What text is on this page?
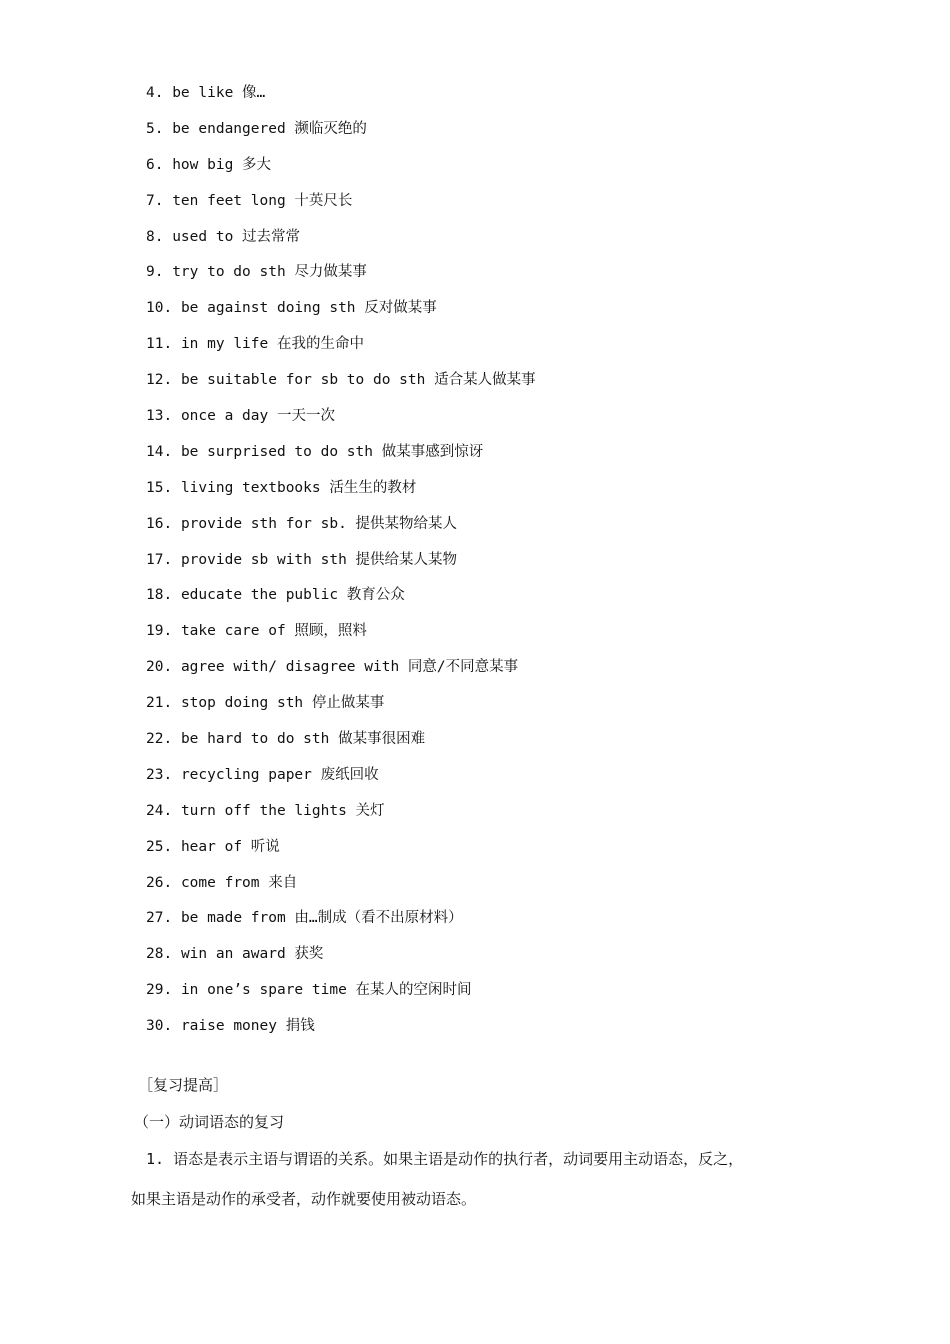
4. be like 像…
5. be endangered 濒临灭绝的
6. how big 多大
7. ten feet long 十英尺长
8. used to 过去常常
9. try to do sth 尽力做某事
10. be against doing sth 反对做某事
11. in my life 在我的生命中
12. be suitable for sb to do sth 适合某人做某事
13. once a day 一天一次
14. be surprised to do sth 做某事感到惊讶
15. living textbooks 活生生的教材
16. provide sth for sb. 提供某物给某人
17. provide sb with sth 提供给某人某物
18. educate the public 教育公众
19. take care of 照顾，照料
20. agree with/ disagree with 同意/不同意某事
21. stop doing sth 停止做某事
22. be hard to do sth 做某事很困难
23. recycling paper 废纸回收
24. turn off the lights 关灯
25. hear of 听说
26. come from 来自
27. be made from 由…制成（看不出原材料）
28. win an award 获奖
29. in one’s spare time 在某人的空闲时间
30. raise money 捐钱
［复习提高］
（一）动词语态的复习

1. 语态是表示主语与谓语的关系。如果主语是动作的执行者，动词要用主动语态，反之，

如果主语是动作的承受者，动作就要使用被动语态。
